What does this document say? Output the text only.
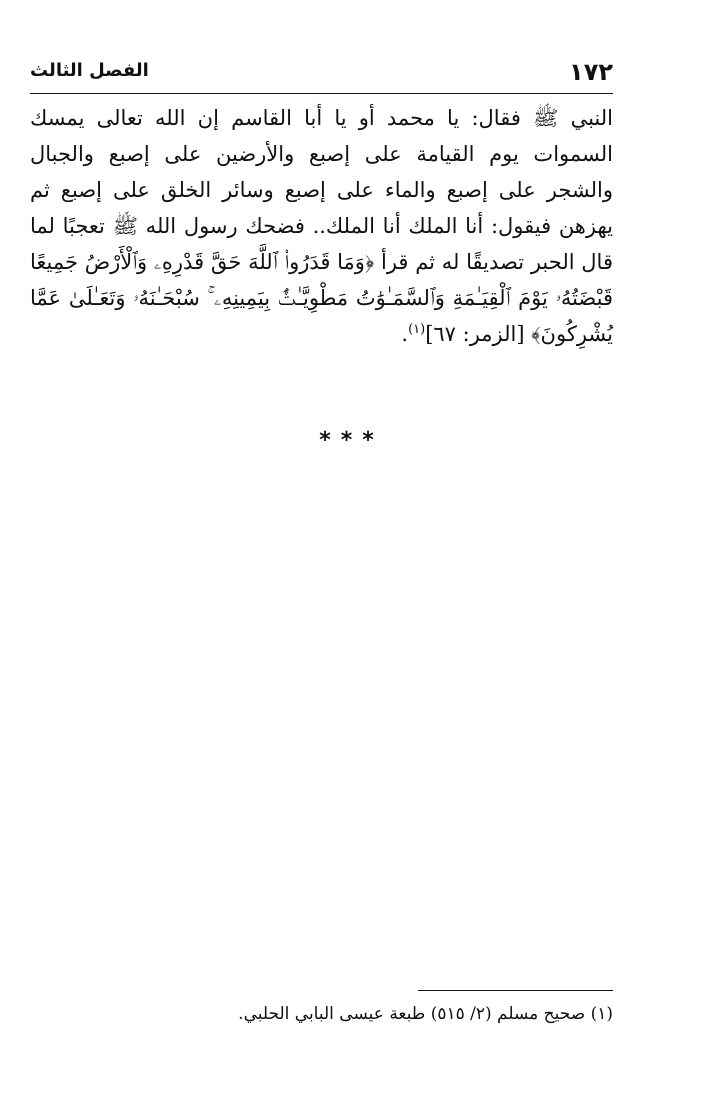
١٧٢
الفصل الثالث

النبي ﷺ فقال: يا محمد أو يا أبا القاسم إن الله تعالى يمسك السموات يوم القيامة على إصبع والأرضين على إصبع والجبال والشجر على إصبع والماء على إصبع وسائر الخلق على إصبع ثم يهزهن فيقول: أنا الملك أنا الملك.. فضحك رسول الله ﷺ تعجبًا لما قال الحبر تصديقًا له ثم قرأ ﴿وَمَا قَدَرُوا۟ ٱللَّهَ حَقَّ قَدْرِهِۦ وَٱلْأَرْضُ جَمِيعًا قَبْضَتُهُۥ يَوْمَ ٱلْقِيَـٰمَةِ وَٱلسَّمَـٰوَٰتُ مَطْوِيَّـٰتٌۢ بِيَمِينِهِۦ ۚ سُبْحَـٰنَهُۥ وَتَعَـٰلَىٰ عَمَّا يُشْرِكُونَ﴾ [الزمر: ٦٧]$^{(١)}$.

***
(١) صحيح مسلم (٢/ ٥١٥) طبعة عيسى البابي الحلبي.
